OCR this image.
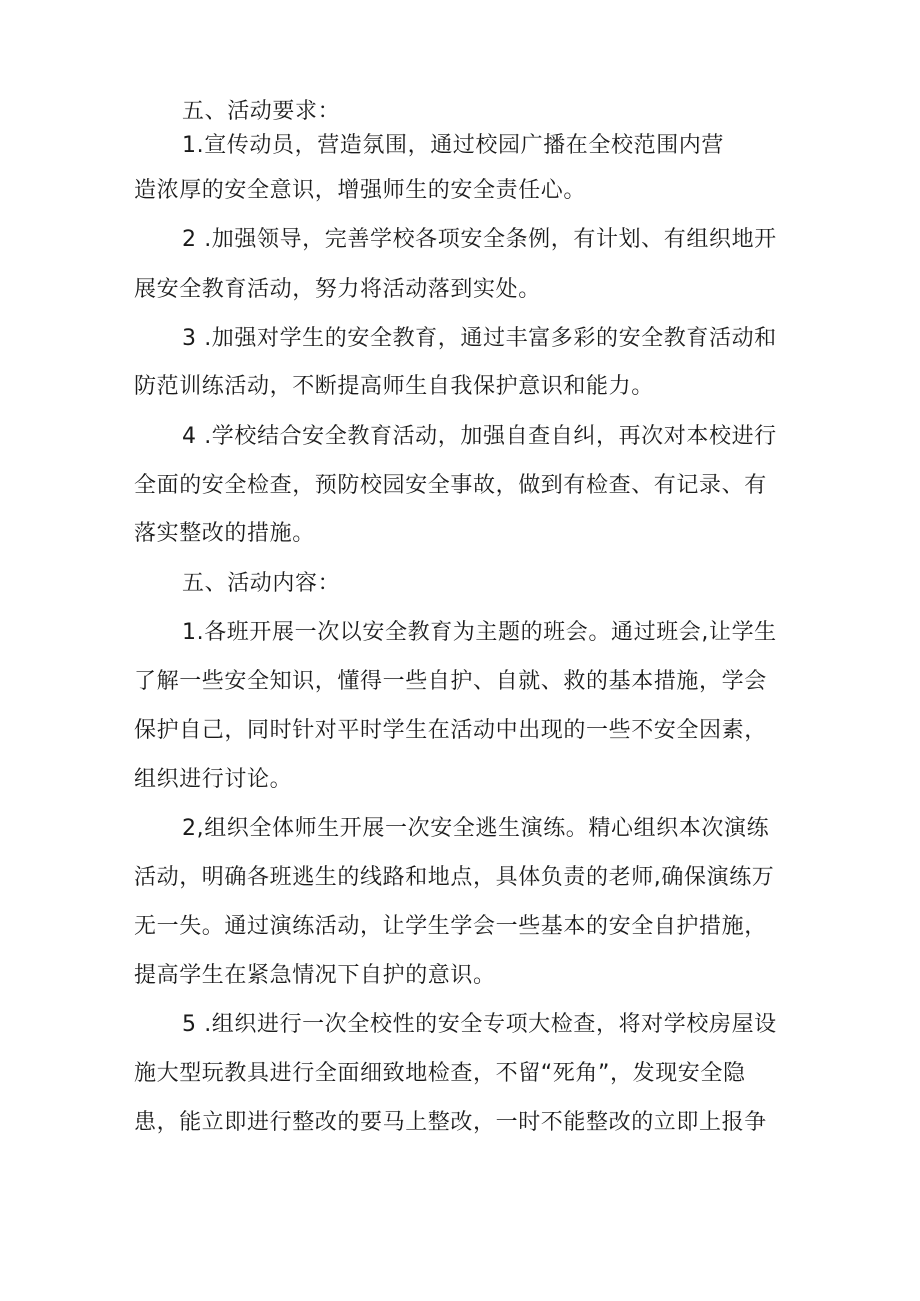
五、活动要求：
1.宣传动员，营造氛围，通过校园广播在全校范围内营
造浓厚的安全意识，增强师生的安全责任心。
2 .加强领导，完善学校各项安全条例，有计划、有组织地开
展安全教育活动，努力将活动落到实处。
3 .加强对学生的安全教育，通过丰富多彩的安全教育活动和
防范训练活动，不断提高师生自我保护意识和能力。
4 .学校结合安全教育活动，加强自查自纠，再次对本校进行
全面的安全检查，预防校园安全事故，做到有检查、有记录、有
落实整改的措施。
五、活动内容：
1.各班开展一次以安全教育为主题的班会。通过班会,让学生
了解一些安全知识，懂得一些自护、自就、救的基本措施，学会
保护自己，同时针对平时学生在活动中出现的一些不安全因素，
组织进行讨论。
2,组织全体师生开展一次安全逃生演练。精心组织本次演练
活动，明确各班逃生的线路和地点，具体负责的老师,确保演练万
无一失。通过演练活动，让学生学会一些基本的安全自护措施，
提高学生在紧急情况下自护的意识。
5 .组织进行一次全校性的安全专项大检查，将对学校房屋设
施大型玩教具进行全面细致地检查，不留“死角”，发现安全隐
患，能立即进行整改的要马上整改，一时不能整改的立即上报争
